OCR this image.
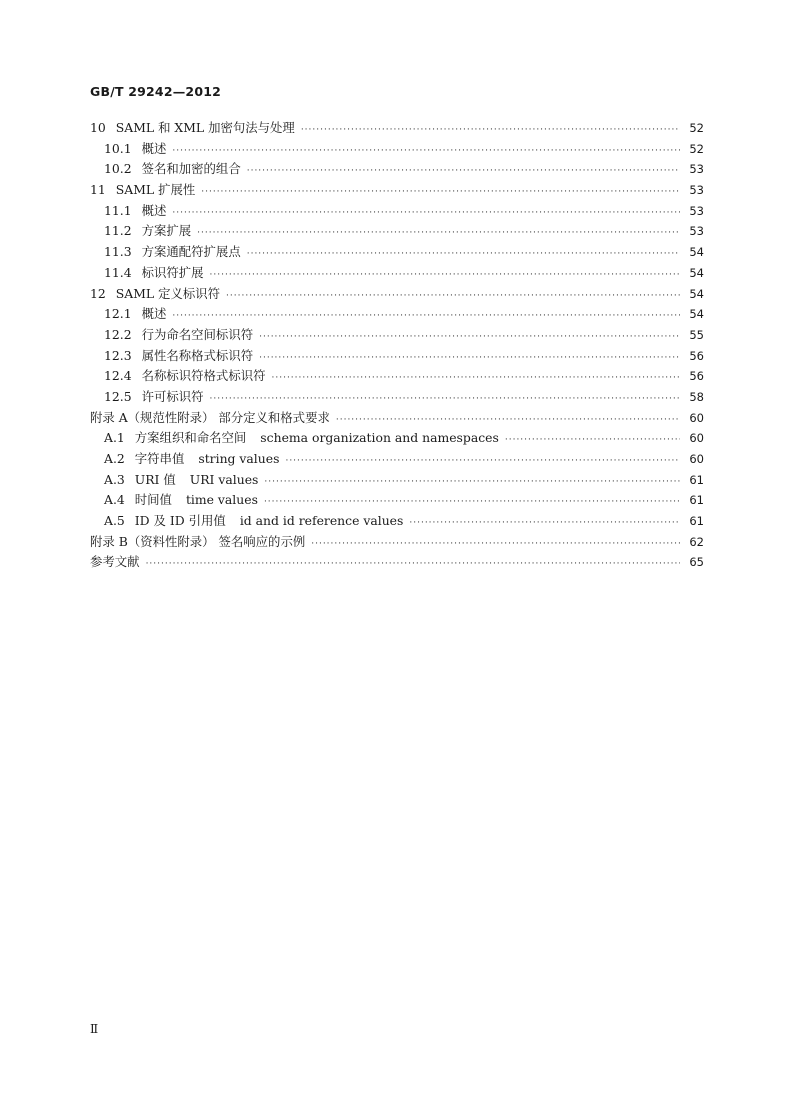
GB/T 29242—2012
10 SAML 和 XML 加密句法与处理 ·····	52
10.1 概述 ·····	52
10.2 签名和加密的组合 ·····	53
11 SAML 扩展性 ·····	53
11.1 概述 ·····	53
11.2 方案扩展 ·····	53
11.3 方案通配符扩展点 ·····	54
11.4 标识符扩展 ·····	54
12 SAML 定义标识符 ·····	54
12.1 概述 ·····	54
12.2 行为命名空间标识符 ·····	55
12.3 属性名称格式标识符 ·····	56
12.4 名称标识符格式标识符 ·····	56
12.5 许可标识符 ·····	58
附录 A（规范性附录） 部分定义和格式要求 ·····	60
A.1 方案组织和命名空间 schema organization and namespaces ·····	60
A.2 字符串值 string values ·····	60
A.3 URI 值 URI values ·····	61
A.4 时间值 time values ·····	61
A.5 ID 及 ID 引用值 id and id reference values ·····	61
附录 B（资料性附录） 签名响应的示例 ·····	62
参考文献 ·····	65
Ⅱ
